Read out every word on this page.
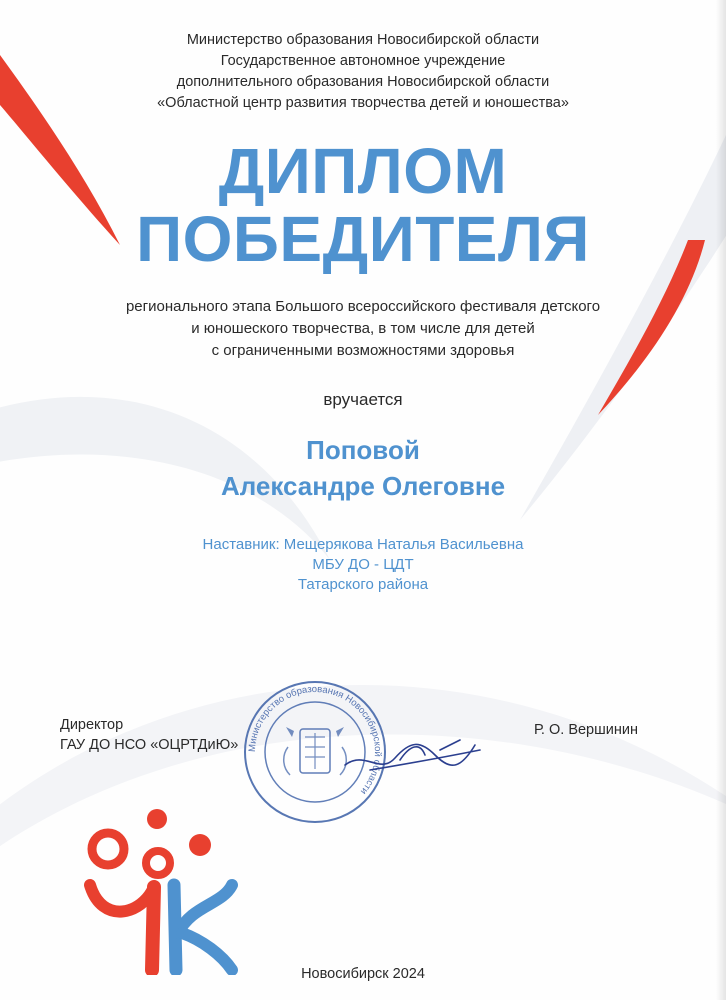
Министерство образования Новосибирской области
Государственное автономное учреждение
дополнительного образования Новосибирской области
«Областной центр развития творчества детей и юношества»
ДИПЛОМ
ПОБЕДИТЕЛЯ
регионального этапа Большого всероссийского фестиваля детского
и юношеского творчества, в том числе для детей
с ограниченными возможностями здоровья
вручается
Поповой
Александре Олеговне
Наставник: Мещерякова Наталья Васильевна
МБУ ДО - ЦДТ
Татарского района
Директор
ГАУ ДО НСО «ОЦРТДиЮ» Министерство образования Новосибирской области
Р. О. Вершинин
Новосибирск 2024
